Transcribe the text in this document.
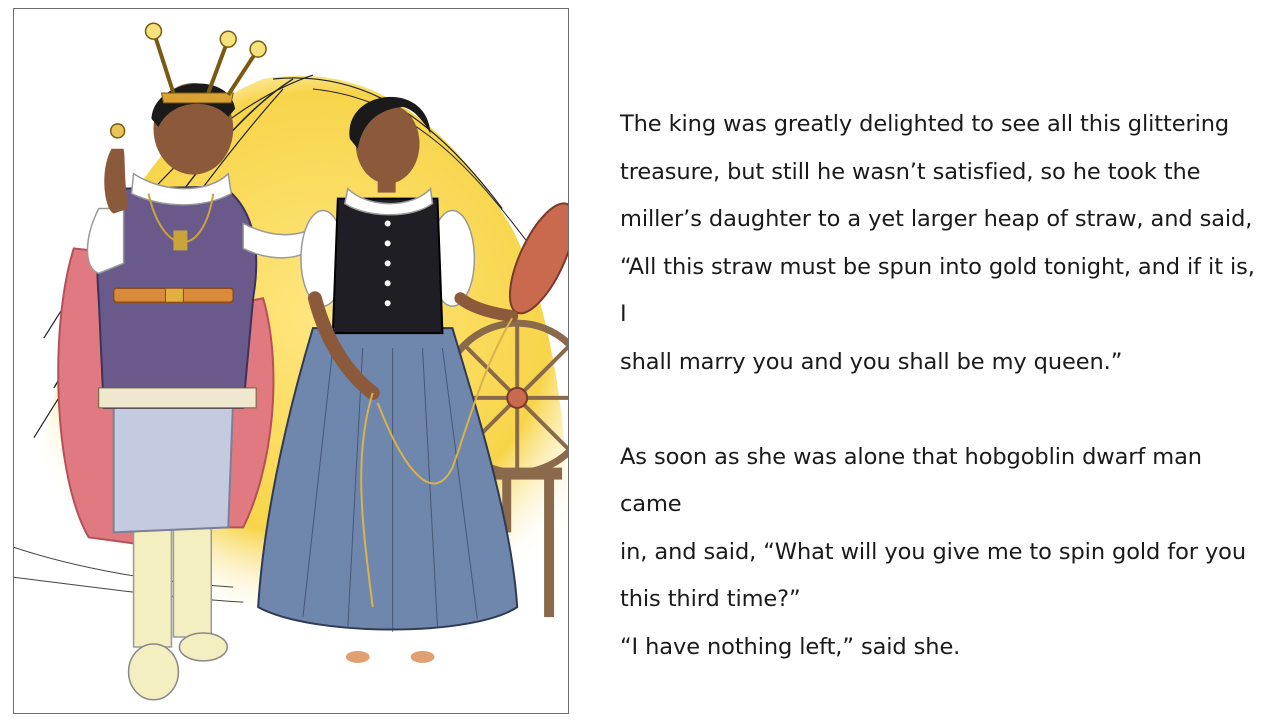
The king was greatly delighted to see all this glittering
treasure, but still he wasn’t satisfied, so he took the
miller’s daughter to a yet larger heap of straw, and said,
“All this straw must be spun into gold tonight, and if it is, I
shall marry you and you shall be my queen.”

As soon as she was alone that hobgoblin dwarf man came
in, and said, “What will you give me to spin gold for you
this third time?”

“I have nothing left,” said she.
